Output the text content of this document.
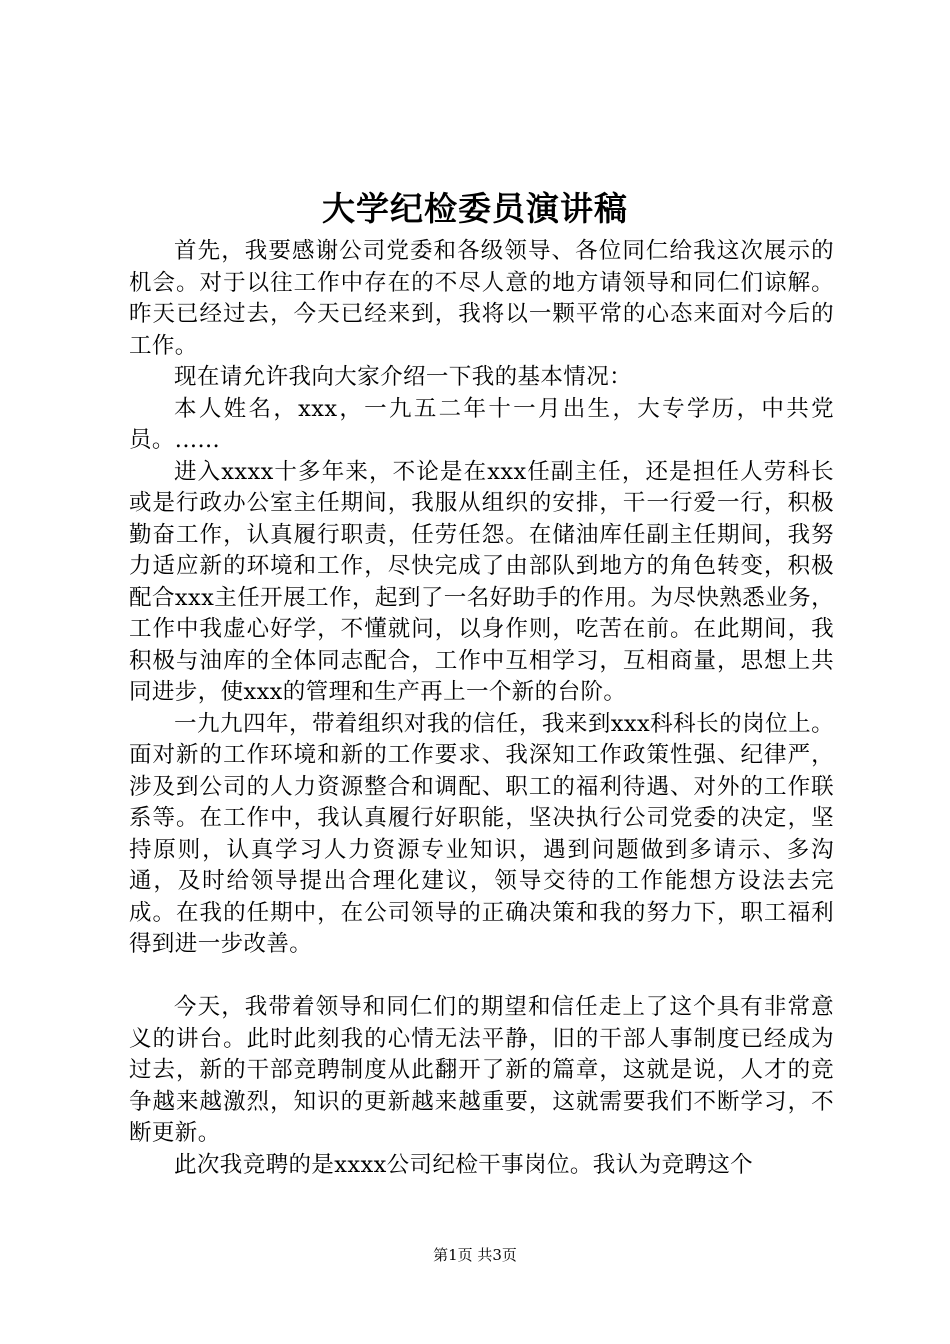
大学纪检委员演讲稿

首先，我要感谢公司党委和各级领导、各位同仁给我这次展示的机会。对于以往工作中存在的不尽人意的地方请领导和同仁们谅解。昨天已经过去，今天已经来到，我将以一颗平常的心态来面对今后的工作。

现在请允许我向大家介绍一下我的基本情况：

本人姓名，xxx，一九五二年十一月出生，大专学历，中共党员。......

进入xxxx十多年来，不论是在xxx任副主任，还是担任人劳科长或是行政办公室主任期间，我服从组织的安排，干一行爱一行，积极勤奋工作，认真履行职责，任劳任怨。在储油库任副主任期间，我努力适应新的环境和工作，尽快完成了由部队到地方的角色转变，积极配合xxx主任开展工作，起到了一名好助手的作用。为尽快熟悉业务，工作中我虚心好学，不懂就问，以身作则，吃苦在前。在此期间，我积极与油库的全体同志配合，工作中互相学习，互相商量，思想上共同进步，使xxx的管理和生产再上一个新的台阶。

一九九四年，带着组织对我的信任，我来到xxx科科长的岗位上。面对新的工作环境和新的工作要求、我深知工作政策性强、纪律严，涉及到公司的人力资源整合和调配、职工的福利待遇、对外的工作联系等。在工作中，我认真履行好职能，坚决执行公司党委的决定，坚持原则，认真学习人力资源专业知识，遇到问题做到多请示、多沟通，及时给领导提出合理化建议，领导交待的工作能想方设法去完成。在我的任期中，在公司领导的正确决策和我的努力下，职工福利得到进一步改善。

今天，我带着领导和同仁们的期望和信任走上了这个具有非常意义的讲台。此时此刻我的心情无法平静，旧的干部人事制度已经成为过去，新的干部竞聘制度从此翻开了新的篇章，这就是说，人才的竞争越来越激烈，知识的更新越来越重要，这就需要我们不断学习，不断更新。

此次我竞聘的是xxxx公司纪检干事岗位。我认为竞聘这个

第1页 共3页
